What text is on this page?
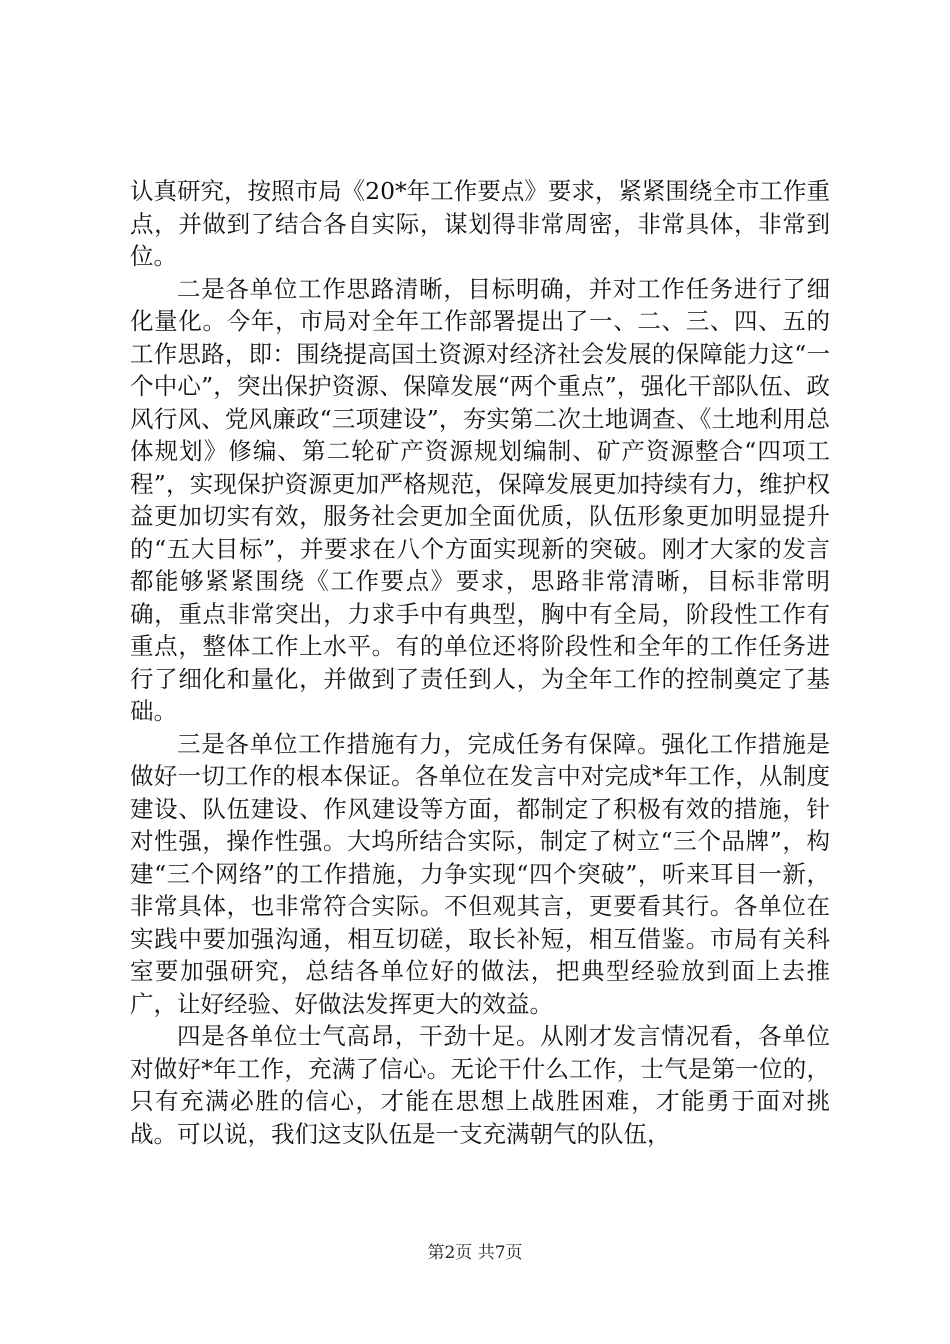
认真研究，按照市局《20*年工作要点》要求，紧紧围绕全市工作重点，并做到了结合各自实际，谋划得非常周密，非常具体，非常到位。

二是各单位工作思路清晰，目标明确，并对工作任务进行了细化量化。今年，市局对全年工作部署提出了一、二、三、四、五的工作思路，即：围绕提高国土资源对经济社会发展的保障能力这“一个中心”，突出保护资源、保障发展“两个重点”，强化干部队伍、政风行风、党风廉政“三项建设”，夯实第二次土地调查、《土地利用总体规划》修编、第二轮矿产资源规划编制、矿产资源整合“四项工程”，实现保护资源更加严格规范，保障发展更加持续有力，维护权益更加切实有效，服务社会更加全面优质，队伍形象更加明显提升的“五大目标”，并要求在八个方面实现新的突破。刚才大家的发言都能够紧紧围绕《工作要点》要求，思路非常清晰，目标非常明确，重点非常突出，力求手中有典型，胸中有全局，阶段性工作有重点，整体工作上水平。有的单位还将阶段性和全年的工作任务进行了细化和量化，并做到了责任到人，为全年工作的控制奠定了基础。

三是各单位工作措施有力，完成任务有保障。强化工作措施是做好一切工作的根本保证。各单位在发言中对完成*年工作，从制度建设、队伍建设、作风建设等方面，都制定了积极有效的措施，针对性强，操作性强。大坞所结合实际，制定了树立“三个品牌”，构建“三个网络”的工作措施，力争实现“四个突破”，听来耳目一新，非常具体，也非常符合实际。不但观其言，更要看其行。各单位在实践中要加强沟通，相互切磋，取长补短，相互借鉴。市局有关科室要加强研究，总结各单位好的做法，把典型经验放到面上去推广，让好经验、好做法发挥更大的效益。

四是各单位士气高昂，干劲十足。从刚才发言情况看，各单位对做好*年工作，充满了信心。无论干什么工作，士气是第一位的，只有充满必胜的信心，才能在思想上战胜困难，才能勇于面对挑战。可以说，我们这支队伍是一支充满朝气的队伍，

第2页 共7页
